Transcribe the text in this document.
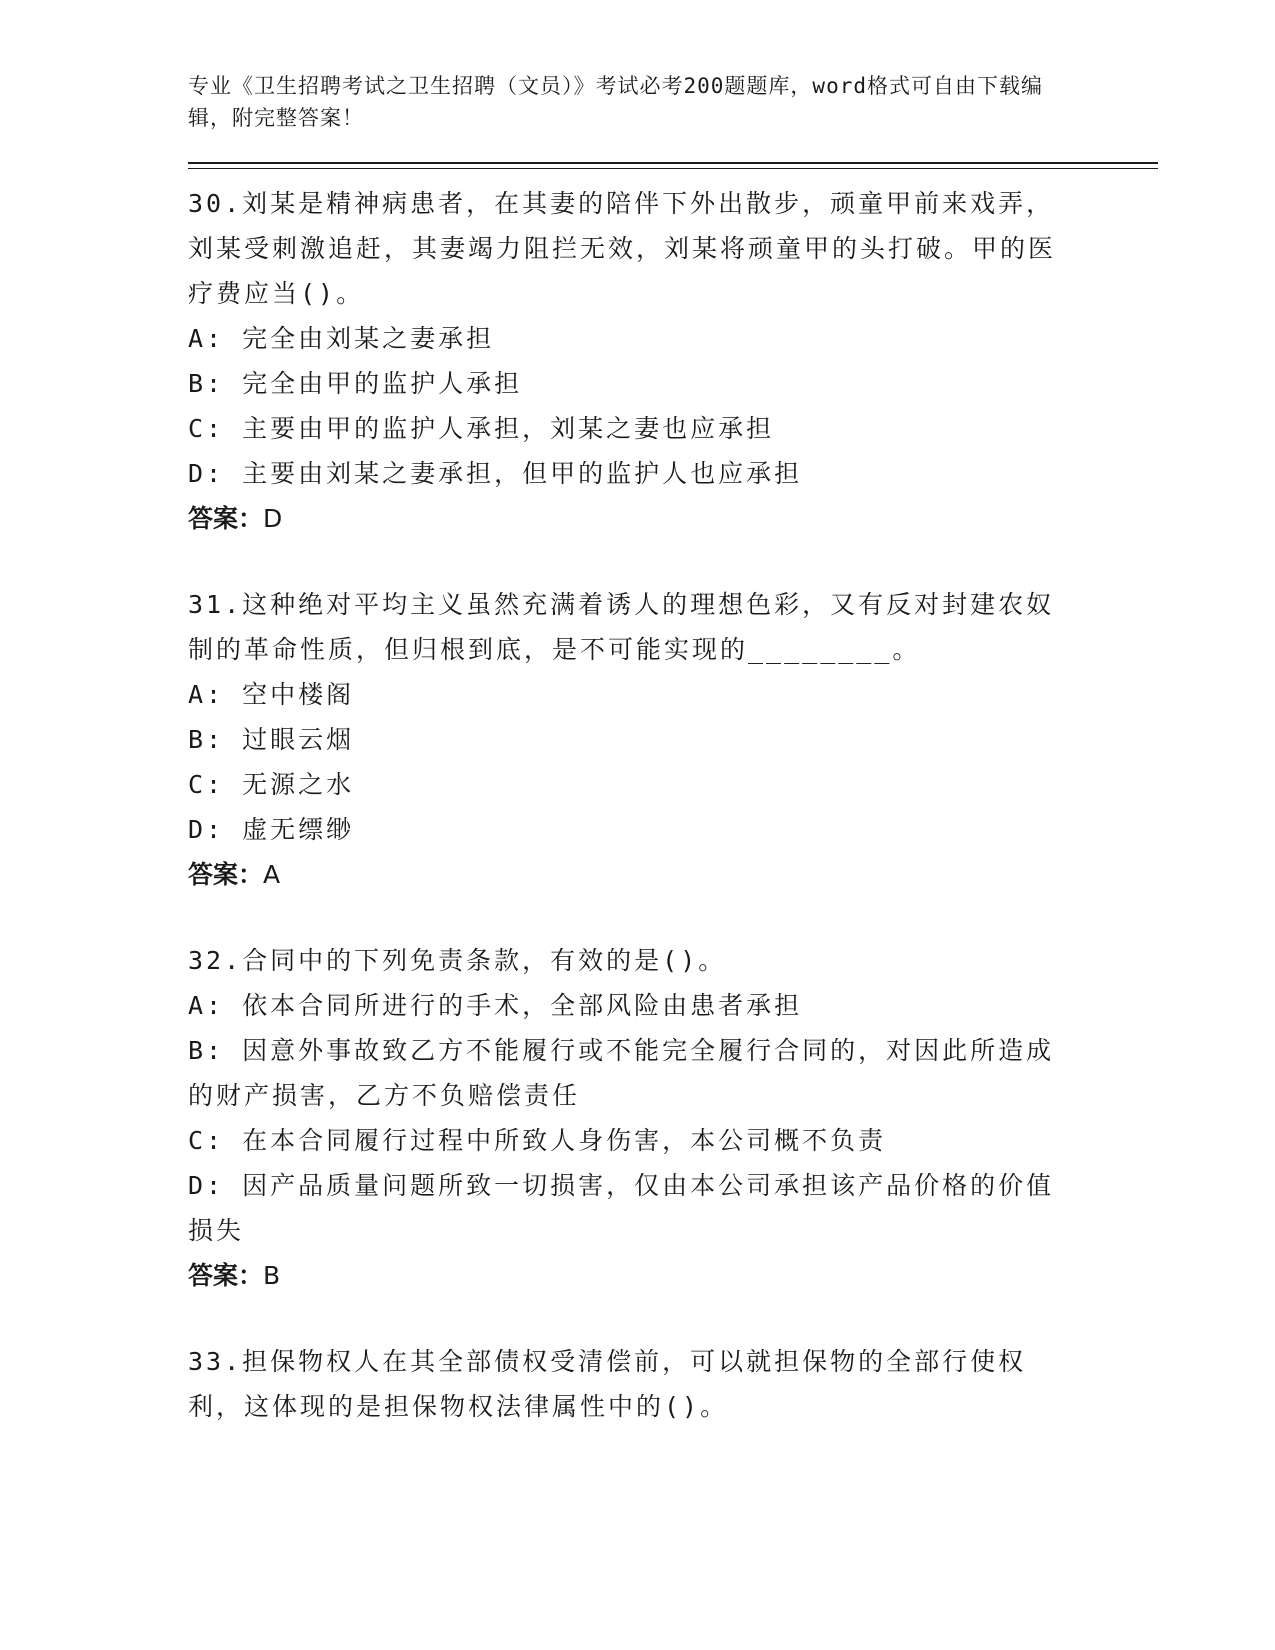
专业《卫生招聘考试之卫生招聘（文员）》考试必考200题题库，word格式可自由下载编辑，附完整答案！

30.刘某是精神病患者，在其妻的陪伴下外出散步，顽童甲前来戏弄，刘某受刺激追赶，其妻竭力阻拦无效，刘某将顽童甲的头打破。甲的医疗费应当()。

A: 完全由刘某之妻承担

B: 完全由甲的监护人承担

C: 主要由甲的监护人承担，刘某之妻也应承担

D: 主要由刘某之妻承担，但甲的监护人也应承担

答案：D

31.这种绝对平均主义虽然充满着诱人的理想色彩，又有反对封建农奴制的革命性质，但归根到底，是不可能实现的________。

A: 空中楼阁

B: 过眼云烟

C: 无源之水

D: 虚无缥缈

答案：A

32.合同中的下列免责条款，有效的是()。

A: 依本合同所进行的手术，全部风险由患者承担

B: 因意外事故致乙方不能履行或不能完全履行合同的，对因此所造成的财产损害，乙方不负赔偿责任

C: 在本合同履行过程中所致人身伤害，本公司概不负责

D: 因产品质量问题所致一切损害，仅由本公司承担该产品价格的价值损失

答案：B

33.担保物权人在其全部债权受清偿前，可以就担保物的全部行使权利，这体现的是担保物权法律属性中的()。
